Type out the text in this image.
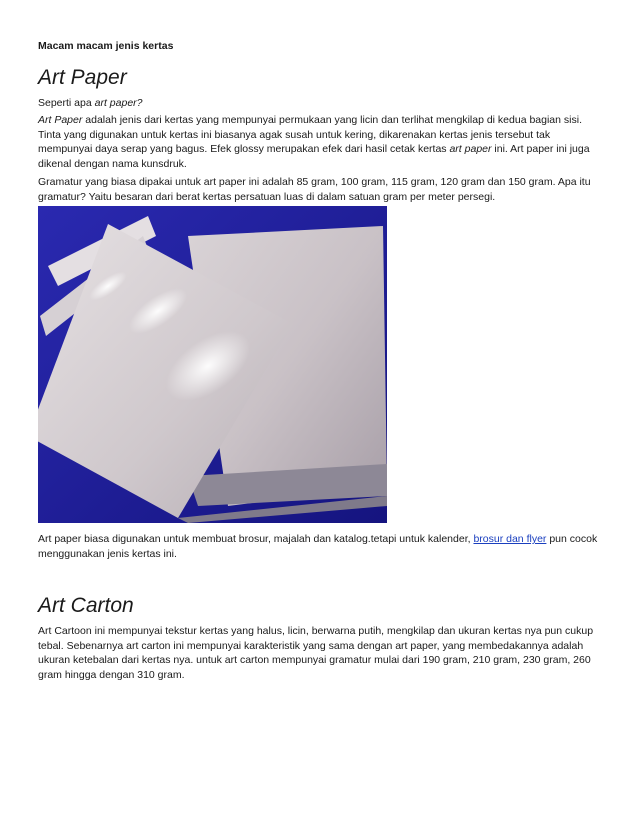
Macam macam jenis kertas
Art Paper

Seperti apa art paper?

Art Paper adalah jenis dari kertas yang mempunyai permukaan yang licin dan terlihat mengkilap di kedua bagian sisi. Tinta yang digunakan untuk kertas ini biasanya agak susah untuk kering, dikarenakan kertas jenis tersebut tak mempunyai daya serap yang bagus. Efek glossy merupakan efek dari hasil cetak kertas art paper ini. Art paper ini juga dikenal dengan nama kunsdruk.

Gramatur yang biasa dipakai untuk art paper ini adalah 85 gram, 100 gram, 115 gram, 120 gram dan 150 gram. Apa itu gramatur? Yaitu besaran dari berat kertas persatuan luas di dalam satuan gram per meter persegi.

Art paper biasa digunakan untuk membuat brosur, majalah dan katalog.tetapi untuk kalender, brosur dan flyer pun cocok menggunakan jenis kertas ini.

Art Carton

Art Cartoon ini mempunyai tekstur kertas yang halus, licin, berwarna putih, mengkilap dan ukuran kertas nya pun cukup tebal. Sebenarnya art carton ini mempunyai karakteristik yang sama dengan art paper, yang membedakannya adalah ukuran ketebalan dari kertas nya. untuk art carton mempunyai gramatur mulai dari 190 gram, 210 gram, 230 gram, 260 gram hingga dengan 310 gram.
